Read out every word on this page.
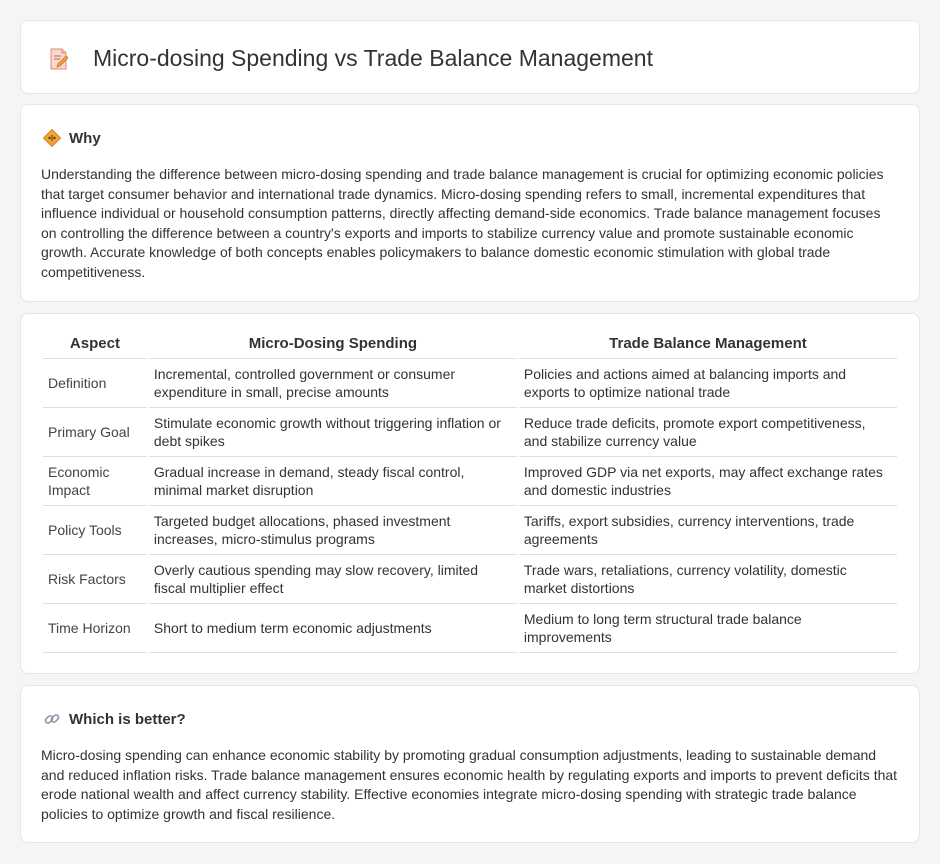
Micro-dosing Spending vs Trade Balance Management
Why

Understanding the difference between micro-dosing spending and trade balance management is crucial for optimizing economic policies that target consumer behavior and international trade dynamics. Micro-dosing spending refers to small, incremental expenditures that influence individual or household consumption patterns, directly affecting demand-side economics. Trade balance management focuses on controlling the difference between a country's exports and imports to stabilize currency value and promote sustainable economic growth. Accurate knowledge of both concepts enables policymakers to balance domestic economic stimulation with global trade competitiveness.

Aspect	Micro-Dosing Spending	Trade Balance Management
Definition	Incremental, controlled government or consumer expenditure in small, precise amounts	Policies and actions aimed at balancing imports and exports to optimize national trade
Primary Goal	Stimulate economic growth without triggering inflation or debt spikes	Reduce trade deficits, promote export competitiveness, and stabilize currency value
Economic Impact	Gradual increase in demand, steady fiscal control, minimal market disruption	Improved GDP via net exports, may affect exchange rates and domestic industries
Policy Tools	Targeted budget allocations, phased investment increases, micro-stimulus programs	Tariffs, export subsidies, currency interventions, trade agreements
Risk Factors	Overly cautious spending may slow recovery, limited fiscal multiplier effect	Trade wars, retaliations, currency volatility, domestic market distortions
Time Horizon	Short to medium term economic adjustments	Medium to long term structural trade balance improvements
Which is better?

Micro-dosing spending can enhance economic stability by promoting gradual consumption adjustments, leading to sustainable demand and reduced inflation risks. Trade balance management ensures economic health by regulating exports and imports to prevent deficits that erode national wealth and affect currency stability. Effective economies integrate micro-dosing spending with strategic trade balance policies to optimize growth and fiscal resilience.
